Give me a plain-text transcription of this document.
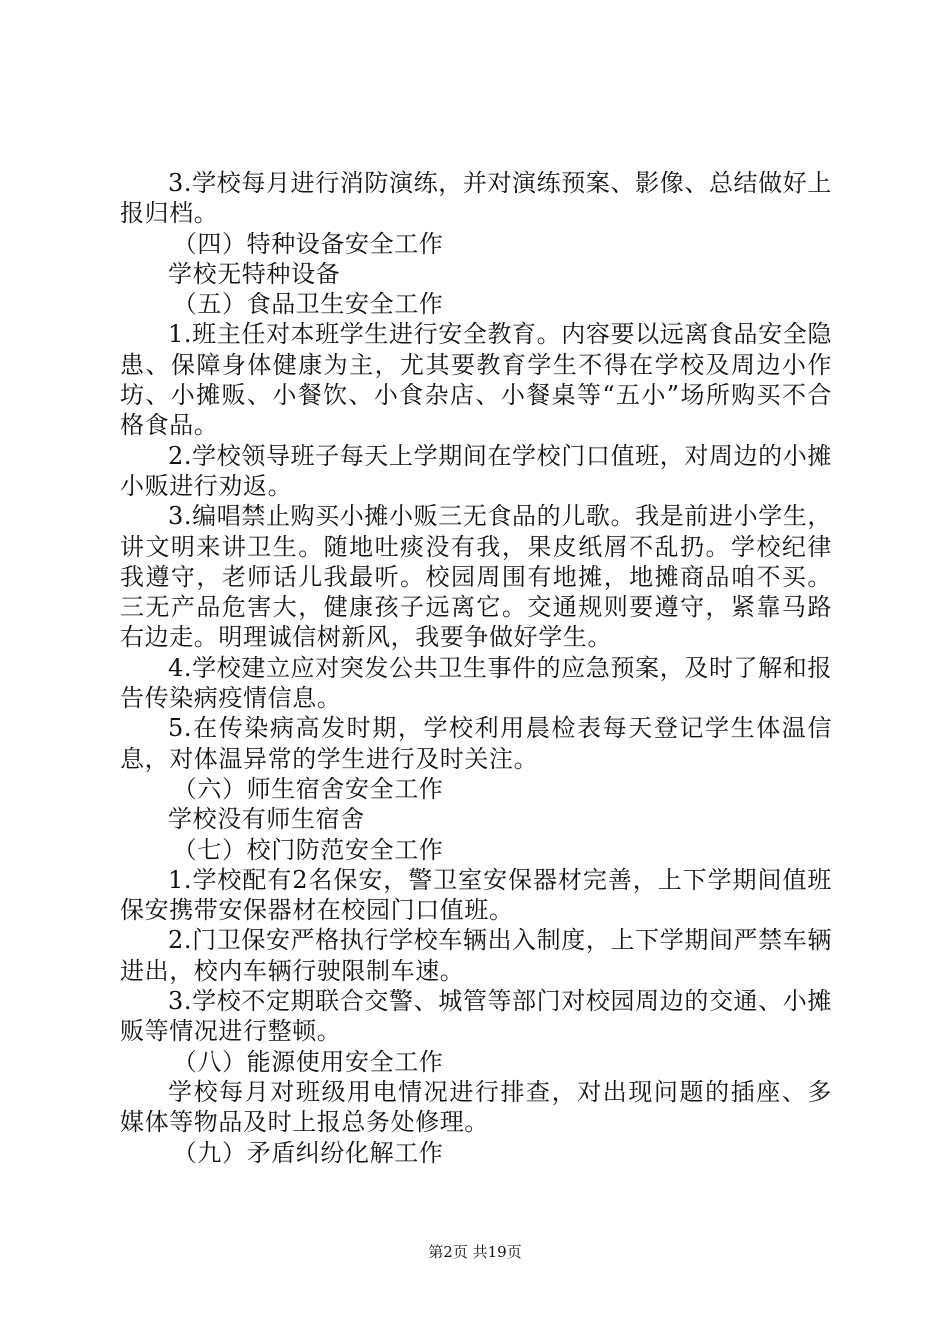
3.学校每月进行消防演练，并对演练预案、影像、总结做好上报归档。

（四）特种设备安全工作

学校无特种设备

（五）食品卫生安全工作

1.班主任对本班学生进行安全教育。内容要以远离食品安全隐患、保障身体健康为主，尤其要教育学生不得在学校及周边小作坊、小摊贩、小餐饮、小食杂店、小餐桌等“五小”场所购买不合格食品。

2.学校领导班子每天上学期间在学校门口值班，对周边的小摊小贩进行劝返。

3.编唱禁止购买小摊小贩三无食品的儿歌。我是前进小学生，讲文明来讲卫生。随地吐痰没有我，果皮纸屑不乱扔。学校纪律我遵守，老师话儿我最听。校园周围有地摊，地摊商品咱不买。三无产品危害大，健康孩子远离它。交通规则要遵守，紧靠马路右边走。明理诚信树新风，我要争做好学生。

4.学校建立应对突发公共卫生事件的应急预案，及时了解和报告传染病疫情信息。

5.在传染病高发时期，学校利用晨检表每天登记学生体温信息，对体温异常的学生进行及时关注。

（六）师生宿舍安全工作

学校没有师生宿舍

（七）校门防范安全工作

1.学校配有2名保安，警卫室安保器材完善，上下学期间值班保安携带安保器材在校园门口值班。

2.门卫保安严格执行学校车辆出入制度，上下学期间严禁车辆进出，校内车辆行驶限制车速。

3.学校不定期联合交警、城管等部门对校园周边的交通、小摊贩等情况进行整顿。

（八）能源使用安全工作

学校每月对班级用电情况进行排查，对出现问题的插座、多媒体等物品及时上报总务处修理。

（九）矛盾纠纷化解工作

第2页 共19页
